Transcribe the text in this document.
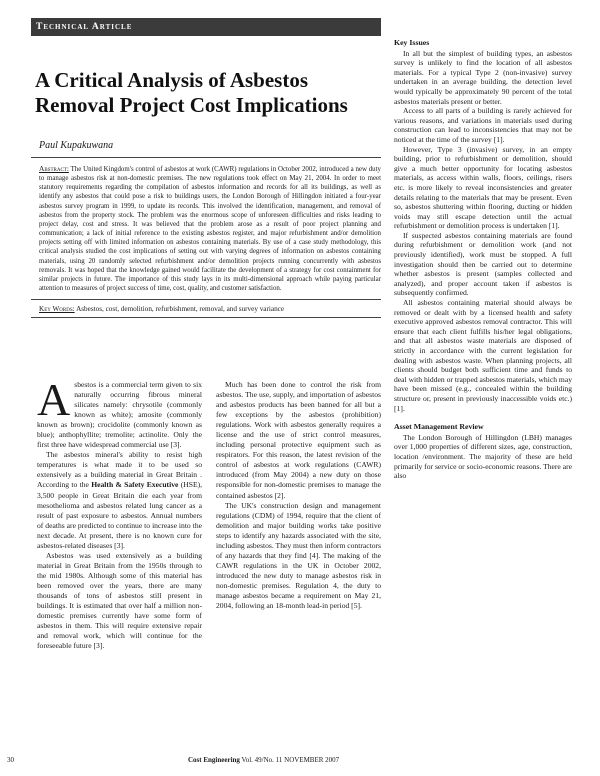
Technical Article
A Critical Analysis of Asbestos Removal Project Cost Implications
Paul Kupakuwana
Abstract: The United Kingdom's control of asbestos at work (CAWR) regulations in October 2002, introduced a new duty to manage asbestos risk at non-domestic premises. The new regulations took effect on May 21, 2004. In order to meet statutory requirements regarding the compilation of asbestos information and records for all its buildings, as well as identify any asbestos that could pose a risk to buildings users, the London Borough of Hillingdon initiated a four-year asbestos survey program in 1999, to update its records. This involved the identification, management, and removal of asbestos from the property stock. The problem was the enormous scope of unforeseen difficulties and risks leading to project delay, cost and stress. It was believed that the problem arose as a result of poor project planning and communication; a lack of initial reference to the existing asbestos register, and major refurbishment and/or demolition projects setting off with limited information on asbestos containing materials. By use of a case study methodology, this critical analysis studied the cost implications of setting out with varying degrees of information on asbestos containing materials, using 20 randomly selected refurbishment and/or demolition projects running concurrently with asbestos removals. It was hoped that the knowledge gained would facilitate the development of a strategy for cost containment for similar projects in future. The importance of this study lays in its multi-dimensional approach while paying particular attention to measures of project success of time, cost, quality, and customer satisfaction.
Key Words: Asbestos, cost, demolition, refurbishment, removal, and survey variance

Asbestos is a commercial term given to six naturally occurring fibrous mineral silicates namely: chrysotile (commonly known as white); amosite (commonly known as brown); crocidolite (commonly known as blue); anthophyllite; tremolite; actinolite. Only the first three have widespread commercial use [3].

The asbestos mineral's ability to resist high temperatures is what made it to be used so extensively as a building material in Great Britain . According to the Health & Safety Executive (HSE), 3,500 people in Great Britain die each year from mesothelioma and asbestos related lung cancer as a result of past exposure to asbestos. Annual numbers of deaths are predicted to continue to increase into the next decade. At present, there is no known cure for asbestos-related diseases [3].

Asbestos was used extensively as a building material in Great Britain from the 1950s through to the mid 1980s. Although some of this material has been removed over the years, there are many thousands of tons of asbestos still present in buildings. It is estimated that over half a million non-domestic premises currently have some form of asbestos in them. This will require extensive repair and removal work, which will continue for the foreseeable future [3].

Much has been done to control the risk from asbestos. The use, supply, and importation of asbestos and asbestos products has been banned for all but a few exceptions by the asbestos (prohibition) regulations. Work with asbestos generally requires a license and the use of strict control measures, including personal protective equipment such as respirators. For this reason, the latest revision of the control of asbestos at work regulations (CAWR) introduced (from May 2004) a new duty on those responsible for non-domestic premises to manage the contained asbestos [2].

The UK's construction design and management regulations (CDM) of 1994, require that the client of demolition and major building works take positive steps to identify any hazards associated with the site, including asbestos. They must then inform contractors of any hazards that they find [4]. The making of the CAWR regulations in the UK in October 2002, introduced the new duty to manage asbestos risk in non-domestic premises. Regulation 4, the duty to manage asbestos became a requirement on May 21, 2004, following an 18-month lead-in period [5].

Key Issues

In all but the simplest of building types, an asbestos survey is unlikely to find the location of all asbestos materials. For a typical Type 2 (non-invasive) survey undertaken in an average building, the detection level would typically be approximately 90 percent of the total asbestos materials present or better.

Access to all parts of a building is rarely achieved for various reasons, and variations in materials used during construction can lead to inconsistencies that may not be noticed at the time of the survey [1].

However, Type 3 (invasive) survey, in an empty building, prior to refurbishment or demolition, should give a much better opportunity for locating asbestos materials, as access within walls, floors, ceilings, risers etc. is more likely to reveal inconsistencies and greater details relating to the materials that may be present. Even so, asbestos shuttering within flooring, ducting or hidden voids may still escape detection until the actual refurbishment or demolition process is undertaken [1].

If suspected asbestos containing materials are found during refurbishment or demolition work (and not previously identified), work must be stopped. A full investigation should then be carried out to determine whether asbestos is present (samples collected and analyzed), and proper account taken if asbestos is subsequently confirmed.

All asbestos containing material should always be removed or dealt with by a licensed health and safety executive approved asbestos removal contractor. This will ensure that each client fulfills his/her legal obligations, and that all asbestos waste materials are disposed of strictly in accordance with the current legislation for dealing with asbestos waste. When planning projects, all clients should budget both sufficient time and funds to deal with hidden or trapped asbestos materials, which may have been missed (e.g., concealed within the building structure or, present in previously inaccessible voids etc.) [1].

Asset Management Review

The London Borough of Hillingdon (LBH) manages over 1,000 properties of different sizes, age, construction, location /environment. The majority of these are held primarily for service or socio-economic reasons. There are also

30	Cost Engineering Vol. 49/No. 11 NOVEMBER 2007
